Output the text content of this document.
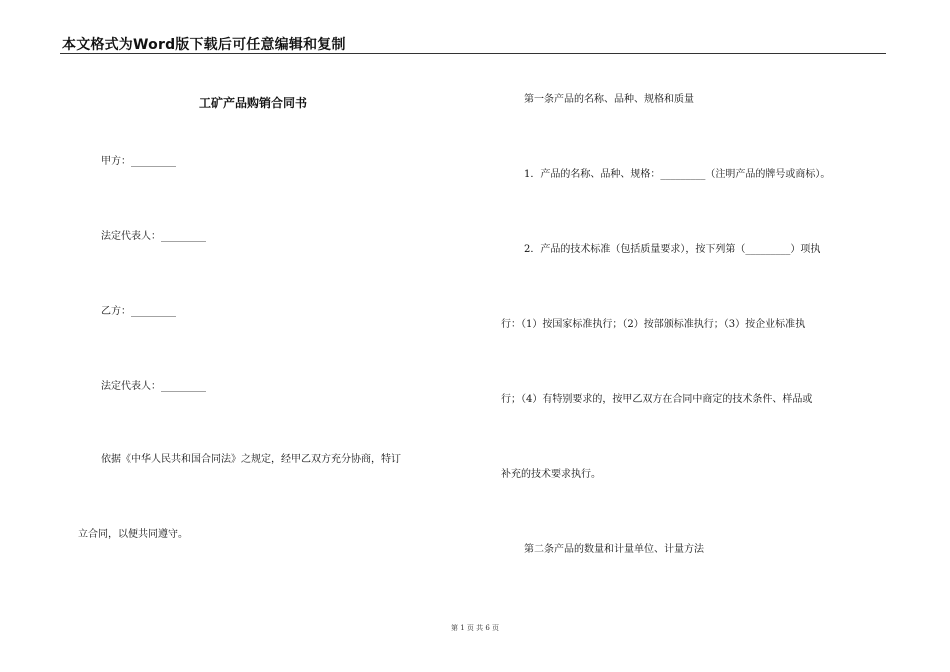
本文格式为Word版下载后可任意编辑和复制
工矿产品购销合同书
甲方：_________
法定代表人：_________
乙方：_________
法定代表人：_________
依据《中华人民共和国合同法》之规定，经甲乙双方充分协商，特订
立合同，以便共同遵守。
第一条产品的名称、品种、规格和质量
1．产品的名称、品种、规格：_________（注明产品的牌号或商标）。
2．产品的技术标准（包括质量要求），按下列第（_________）项执
行：（1）按国家标准执行；（2）按部颁标准执行；（3）按企业标准执
行；（4）有特别要求的，按甲乙双方在合同中商定的技术条件、样品或
补充的技术要求执行。
第二条产品的数量和计量单位、计量方法
第 1 页 共 6 页
